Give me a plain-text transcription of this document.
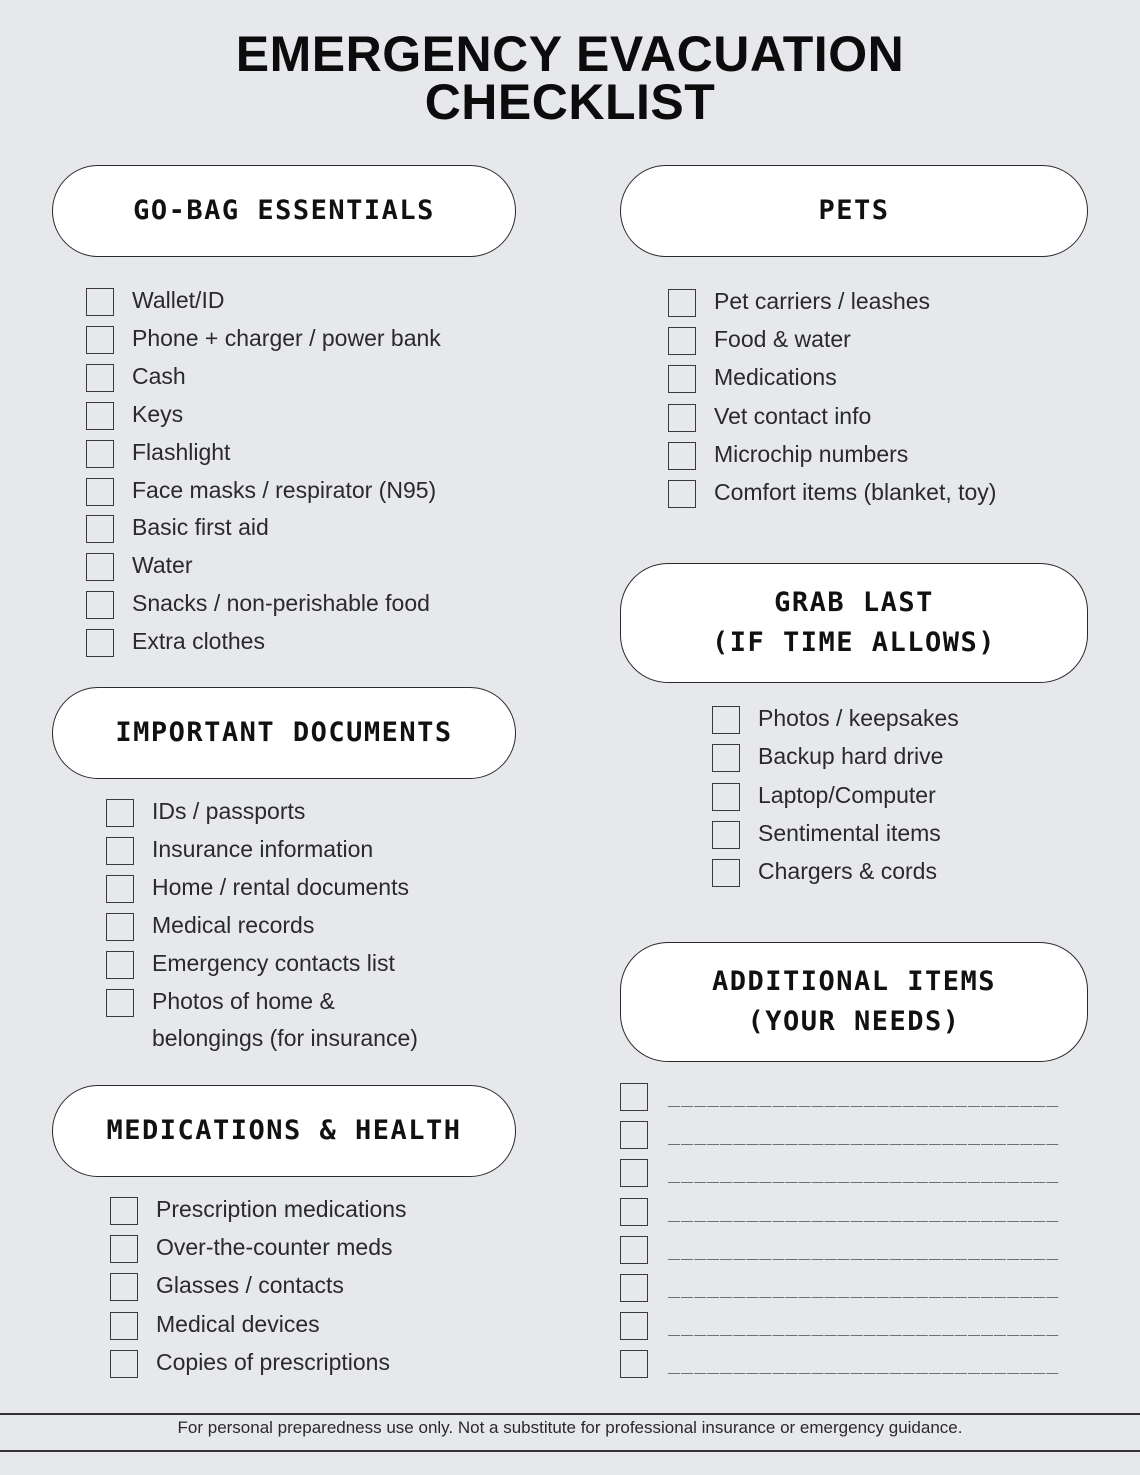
EMERGENCY EVACUATION
CHECKLIST
GO-BAG ESSENTIALS
Wallet/ID
Phone + charger / power bank
Cash
Keys
Flashlight
Face masks / respirator (N95)
Basic first aid
Water
Snacks / non-perishable food
Extra clothes
IMPORTANT DOCUMENTS
IDs / passports
Insurance information
Home / rental documents
Medical records
Emergency contacts list
Photos of home &
belongings (for insurance)
MEDICATIONS & HEALTH
Prescription medications
Over-the-counter meds
Glasses / contacts
Medical devices
Copies of prescriptions
PETS
Pet carriers / leashes
Food & water
Medications
Vet contact info
Microchip numbers
Comfort items (blanket, toy)
GRAB LAST
(IF TIME ALLOWS)
Photos / keepsakes
Backup hard drive
Laptop/Computer
Sentimental items
Chargers & cords
ADDITIONAL ITEMS
(YOUR NEEDS)
______________________________
______________________________
______________________________
______________________________
______________________________
______________________________
______________________________
______________________________
For personal preparedness use only. Not a substitute for professional insurance or emergency guidance.
